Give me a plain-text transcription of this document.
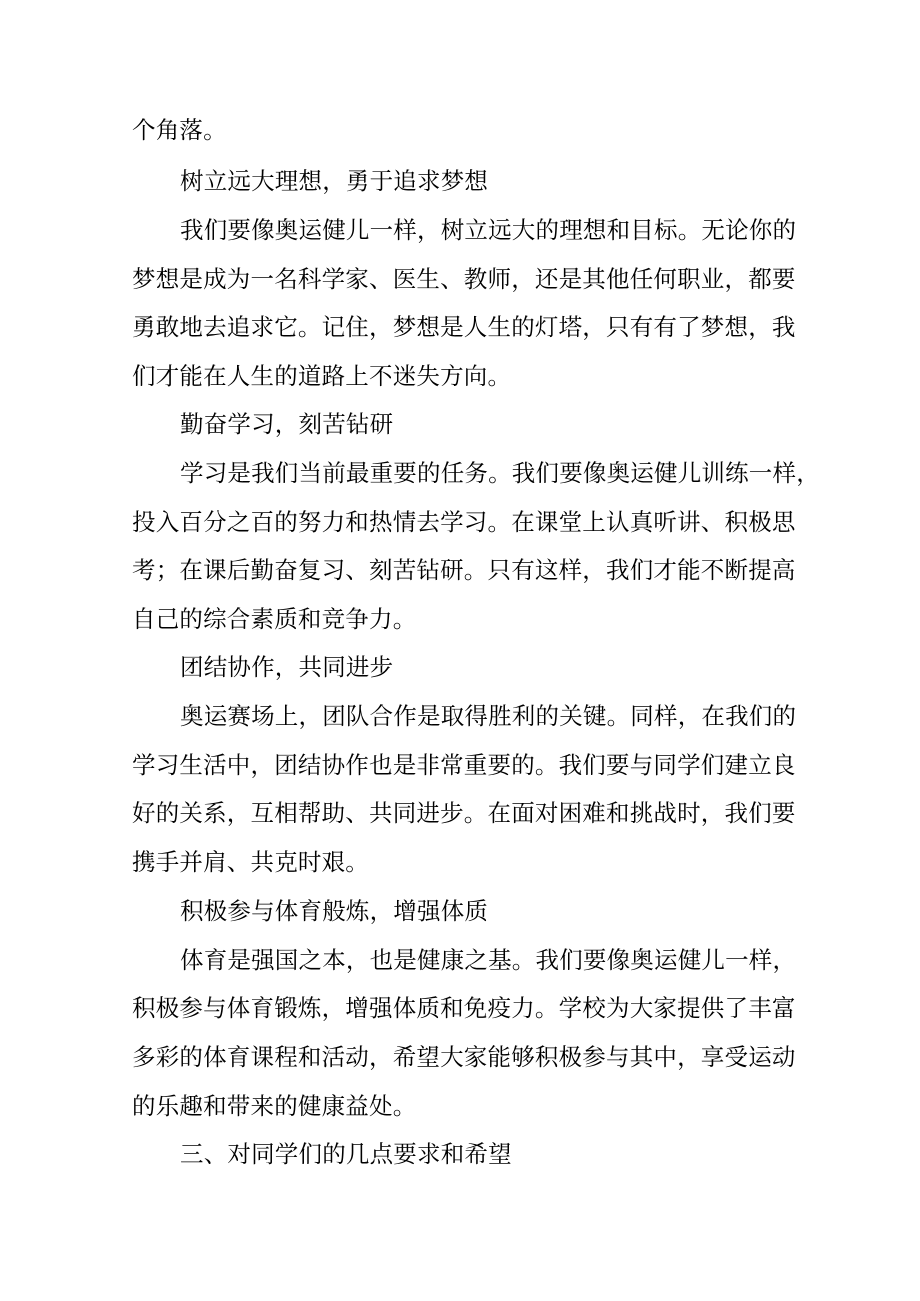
个角落。
树立远大理想，勇于追求梦想
我们要像奥运健儿一样，树立远大的理想和目标。无论你的
梦想是成为一名科学家、医生、教师，还是其他任何职业，都要
勇敢地去追求它。记住，梦想是人生的灯塔，只有有了梦想，我
们才能在人生的道路上不迷失方向。
勤奋学习，刻苦钻研
学习是我们当前最重要的任务。我们要像奥运健儿训练一样，
投入百分之百的努力和热情去学习。在课堂上认真听讲、积极思
考；在课后勤奋复习、刻苦钻研。只有这样，我们才能不断提高
自己的综合素质和竞争力。
团结协作，共同进步
奥运赛场上，团队合作是取得胜利的关键。同样，在我们的
学习生活中，团结协作也是非常重要的。我们要与同学们建立良
好的关系，互相帮助、共同进步。在面对困难和挑战时，我们要
携手并肩、共克时艰。
积极参与体育般炼，增强体质
体育是强国之本，也是健康之基。我们要像奥运健儿一样，
积极参与体育锻炼，增强体质和免疫力。学校为大家提供了丰富
多彩的体育课程和活动，希望大家能够积极参与其中，享受运动
的乐趣和带来的健康益处。
三、对同学们的几点要求和希望
